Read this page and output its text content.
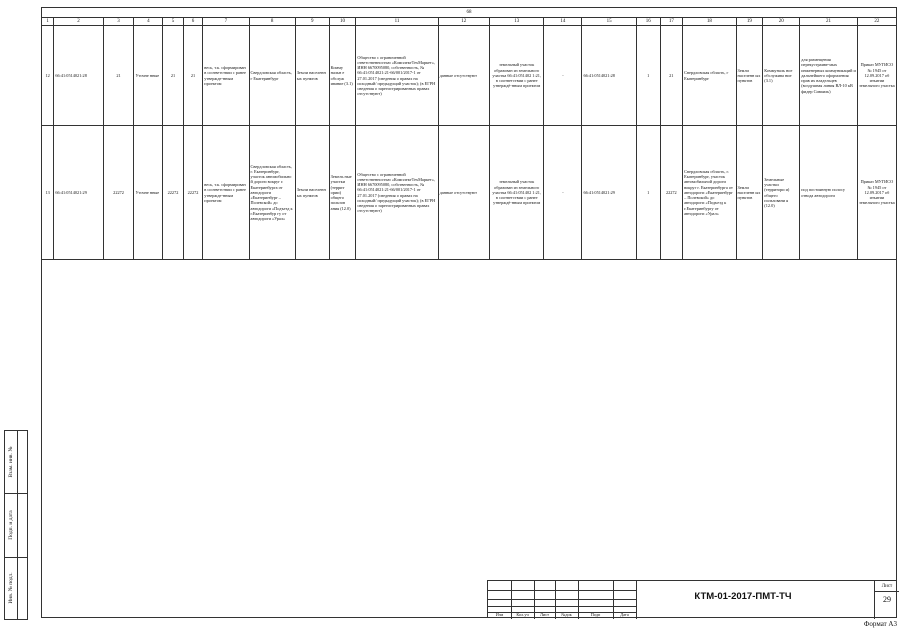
68
1	2	3	4	5	6	7	8	9	10	11	12	13	14	15	16	17	18	19	20	21	22
12	66:41:0514021:28	21	Уточне нные	21	21	весь, т.к. сформирован в соответствии с ранее утвержде-нным проектом	Свердловская область, г Екатеринбург	Земли населенн ых пунктов	Комму нальн е обслуж ивание (3.1)	Общество с ограниченной ответственностью «КомплектТехМаркет», ИНН 6670095080, собственность, № 66:41:0514021:21-66/001/2017-1 от 27.01.2017 (сведения о правах на исходный/ предыдущий участок); (в ЕГРН сведения о зарегистрированных правах отсутствуют)	данные отсутствуют	земельный участок образован из земельного участка 66:41:051402 1:21, в соответствии с ранее утверждё-нным проектом	-	66:41:0514021:28	1	21	Свердловская область, г Екатеринбург	Земли населенн ых пунктов	Коммуналь ное обслужива ние (3.1)	для размещения перекустраиве-мых инженерных коммуникаций и дальнейшего оформления прав их владельцев (воздушная линия ВЛ-10 кВ фидер Сиваиль)	Приказ МУГИСО № 1945 от 12.09.2017 об изъятии земельного участка
13	66:41:0514021:29	22272	Уточне нные	22272	22272	весь, т.к. сформирован в соответствии с ранее утвержде-нным проектом	Свердловская область, г. Екатеринбург, участок автомобильно й дороги вокруг г. Екатеринбурга от автодороги «Екатеринбург – Полевской» до автодороги «Подъезд к г.Екатеринбур гу от автодороги «Урал»	Земли населенн ых пунктов	Земель ные участки (террит ории) общего пользов ания (12.0)	Общество с ограниченной ответственностью «КомплектТехМаркет», ИНН 6670095080, собственность, № 66:41:0514021:21-66/001/2017-1 от 27.01.2017 (сведения о правах на исходный/ предыдущий участок); (в ЕГРН сведения о зарегистрированных правах отсутствуют)	данные отсутствуют	земельный участок образован из земельного участка 66:41:051402 1:21, в соответствии с ранее утверждё-нным проектом	-	66:41:0514021:29	1	22272	Свердловская область, г. Екатеринбург, участок автомобильной дороги вокруг г. Екатеринбурга от автодороги «Екатеринбург – Полевской» до автодороги «Подъезд к г.Екатеринбургу от автодороги «Урал»	Земли населенн ых пунктов	Земельные участки (территори и) общего пользовани я (12.0)	под постоянную полосу отвода автодороги	Приказ МУГИСО № 1945 от 12.09.2017 об изъятии земельного участка
Взам. инв. №
Подп. и дата
Инв. № подл.
Изм	Кол.уч	Лист	№док	Подп	Дата
КТМ-01-2017-ПМТ-ТЧ
Лист
29
Формат А3
